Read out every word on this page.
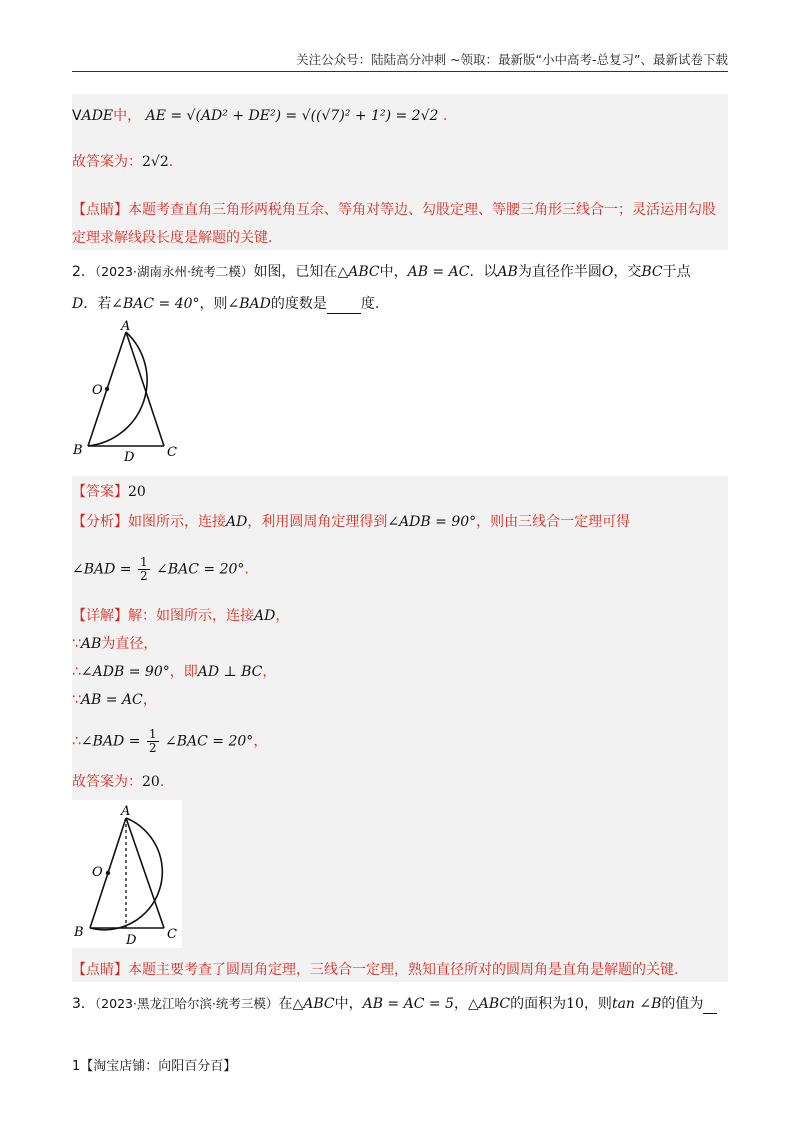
关注公众号：陆陆高分冲刺 ~领取：最新版“小中高考-总复习”、最新试卷下载
VADE中， AE = √(AD² + DE²) = √((√7)² + 1²) = 2√2 .
故答案为：2√2.
【点睛】本题考查直角三角形两税角互余、等角对等边、勾股定理、等腰三角形三线合一；灵活运用勾股
定理求解线段长度是解题的关键.
2．（2023·湖南永州·统考二模）如图，已知在△ABC中，AB = AC．以AB为直径作半圆O，交BC于点
D．若∠BAC = 40°，则∠BAD的度数是 度.
A
O
B	D	C
【答案】20
【分析】如图所示，连接AD，利用圆周角定理得到∠ADB = 90°，则由三线合一定理可得
∠BAD = $\frac{1}{2}$ ∠BAC = 20°.
【详解】解：如图所示，连接AD，
∵AB为直径，
∴∠ADB = 90°，即AD ⊥ BC，
∵AB = AC，
∴∠BAD = $\frac{1}{2}$ ∠BAC = 20°，
故答案为：20.
A
O
B
D C
【点睛】本题主要考查了圆周角定理，三线合一定理，熟知直径所对的圆周角是直角是解题的关键.
3．（2023·黑龙江哈尔滨·统考三模）在△ABC中，AB = AC = 5，△ABC的面积为10，则tan ∠B的值为
1【淘宝店铺：向阳百分百】
